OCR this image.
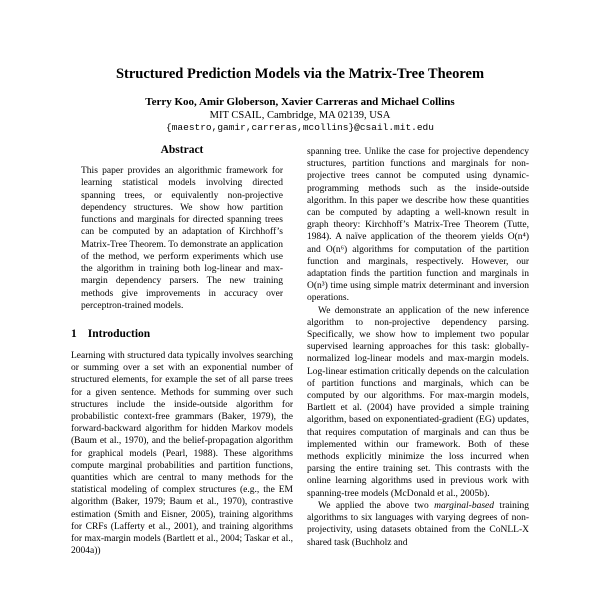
Structured Prediction Models via the Matrix-Tree Theorem
Terry Koo, Amir Globerson, Xavier Carreras and Michael Collins
MIT CSAIL, Cambridge, MA 02139, USA
{maestro,gamir,carreras,mcollins}@csail.mit.edu
Abstract

This paper provides an algorithmic framework for learning statistical models involving directed spanning trees, or equivalently non-projective dependency structures. We show how partition functions and marginals for directed spanning trees can be computed by an adaptation of Kirchhoff’s Matrix-Tree Theorem. To demonstrate an application of the method, we perform experiments which use the algorithm in training both log-linear and max-margin dependency parsers. The new training methods give improvements in accuracy over perceptron-trained models.

1 Introduction

Learning with structured data typically involves searching or summing over a set with an exponential number of structured elements, for example the set of all parse trees for a given sentence. Methods for summing over such structures include the inside-outside algorithm for probabilistic context-free grammars (Baker, 1979), the forward-backward algorithm for hidden Markov models (Baum et al., 1970), and the belief-propagation algorithm for graphical models (Pearl, 1988). These algorithms compute marginal probabilities and partition functions, quantities which are central to many methods for the statistical modeling of complex structures (e.g., the EM algorithm (Baker, 1979; Baum et al., 1970), contrastive estimation (Smith and Eisner, 2005), training algorithms for CRFs (Lafferty et al., 2001), and training algorithms for max-margin models (Bartlett et al., 2004; Taskar et al., 2004a))

spanning tree. Unlike the case for projective dependency structures, partition functions and marginals for non-projective trees cannot be computed using dynamic-programming methods such as the inside-outside algorithm. In this paper we describe how these quantities can be computed by adapting a well-known result in graph theory: Kirchhoff’s Matrix-Tree Theorem (Tutte, 1984). A naïve application of the theorem yields O(n⁴) and O(n⁶) algorithms for computation of the partition function and marginals, respectively. However, our adaptation finds the partition function and marginals in O(n³) time using simple matrix determinant and inversion operations.

We demonstrate an application of the new inference algorithm to non-projective dependency parsing. Specifically, we show how to implement two popular supervised learning approaches for this task: globally-normalized log-linear models and max-margin models. Log-linear estimation critically depends on the calculation of partition functions and marginals, which can be computed by our algorithms. For max-margin models, Bartlett et al. (2004) have provided a simple training algorithm, based on exponentiated-gradient (EG) updates, that requires computation of marginals and can thus be implemented within our framework. Both of these methods explicitly minimize the loss incurred when parsing the entire training set. This contrasts with the online learning algorithms used in previous work with spanning-tree models (McDonald et al., 2005b).

We applied the above two marginal-based training algorithms to six languages with varying degrees of non-projectivity, using datasets obtained from the CoNLL-X shared task (Buchholz and
